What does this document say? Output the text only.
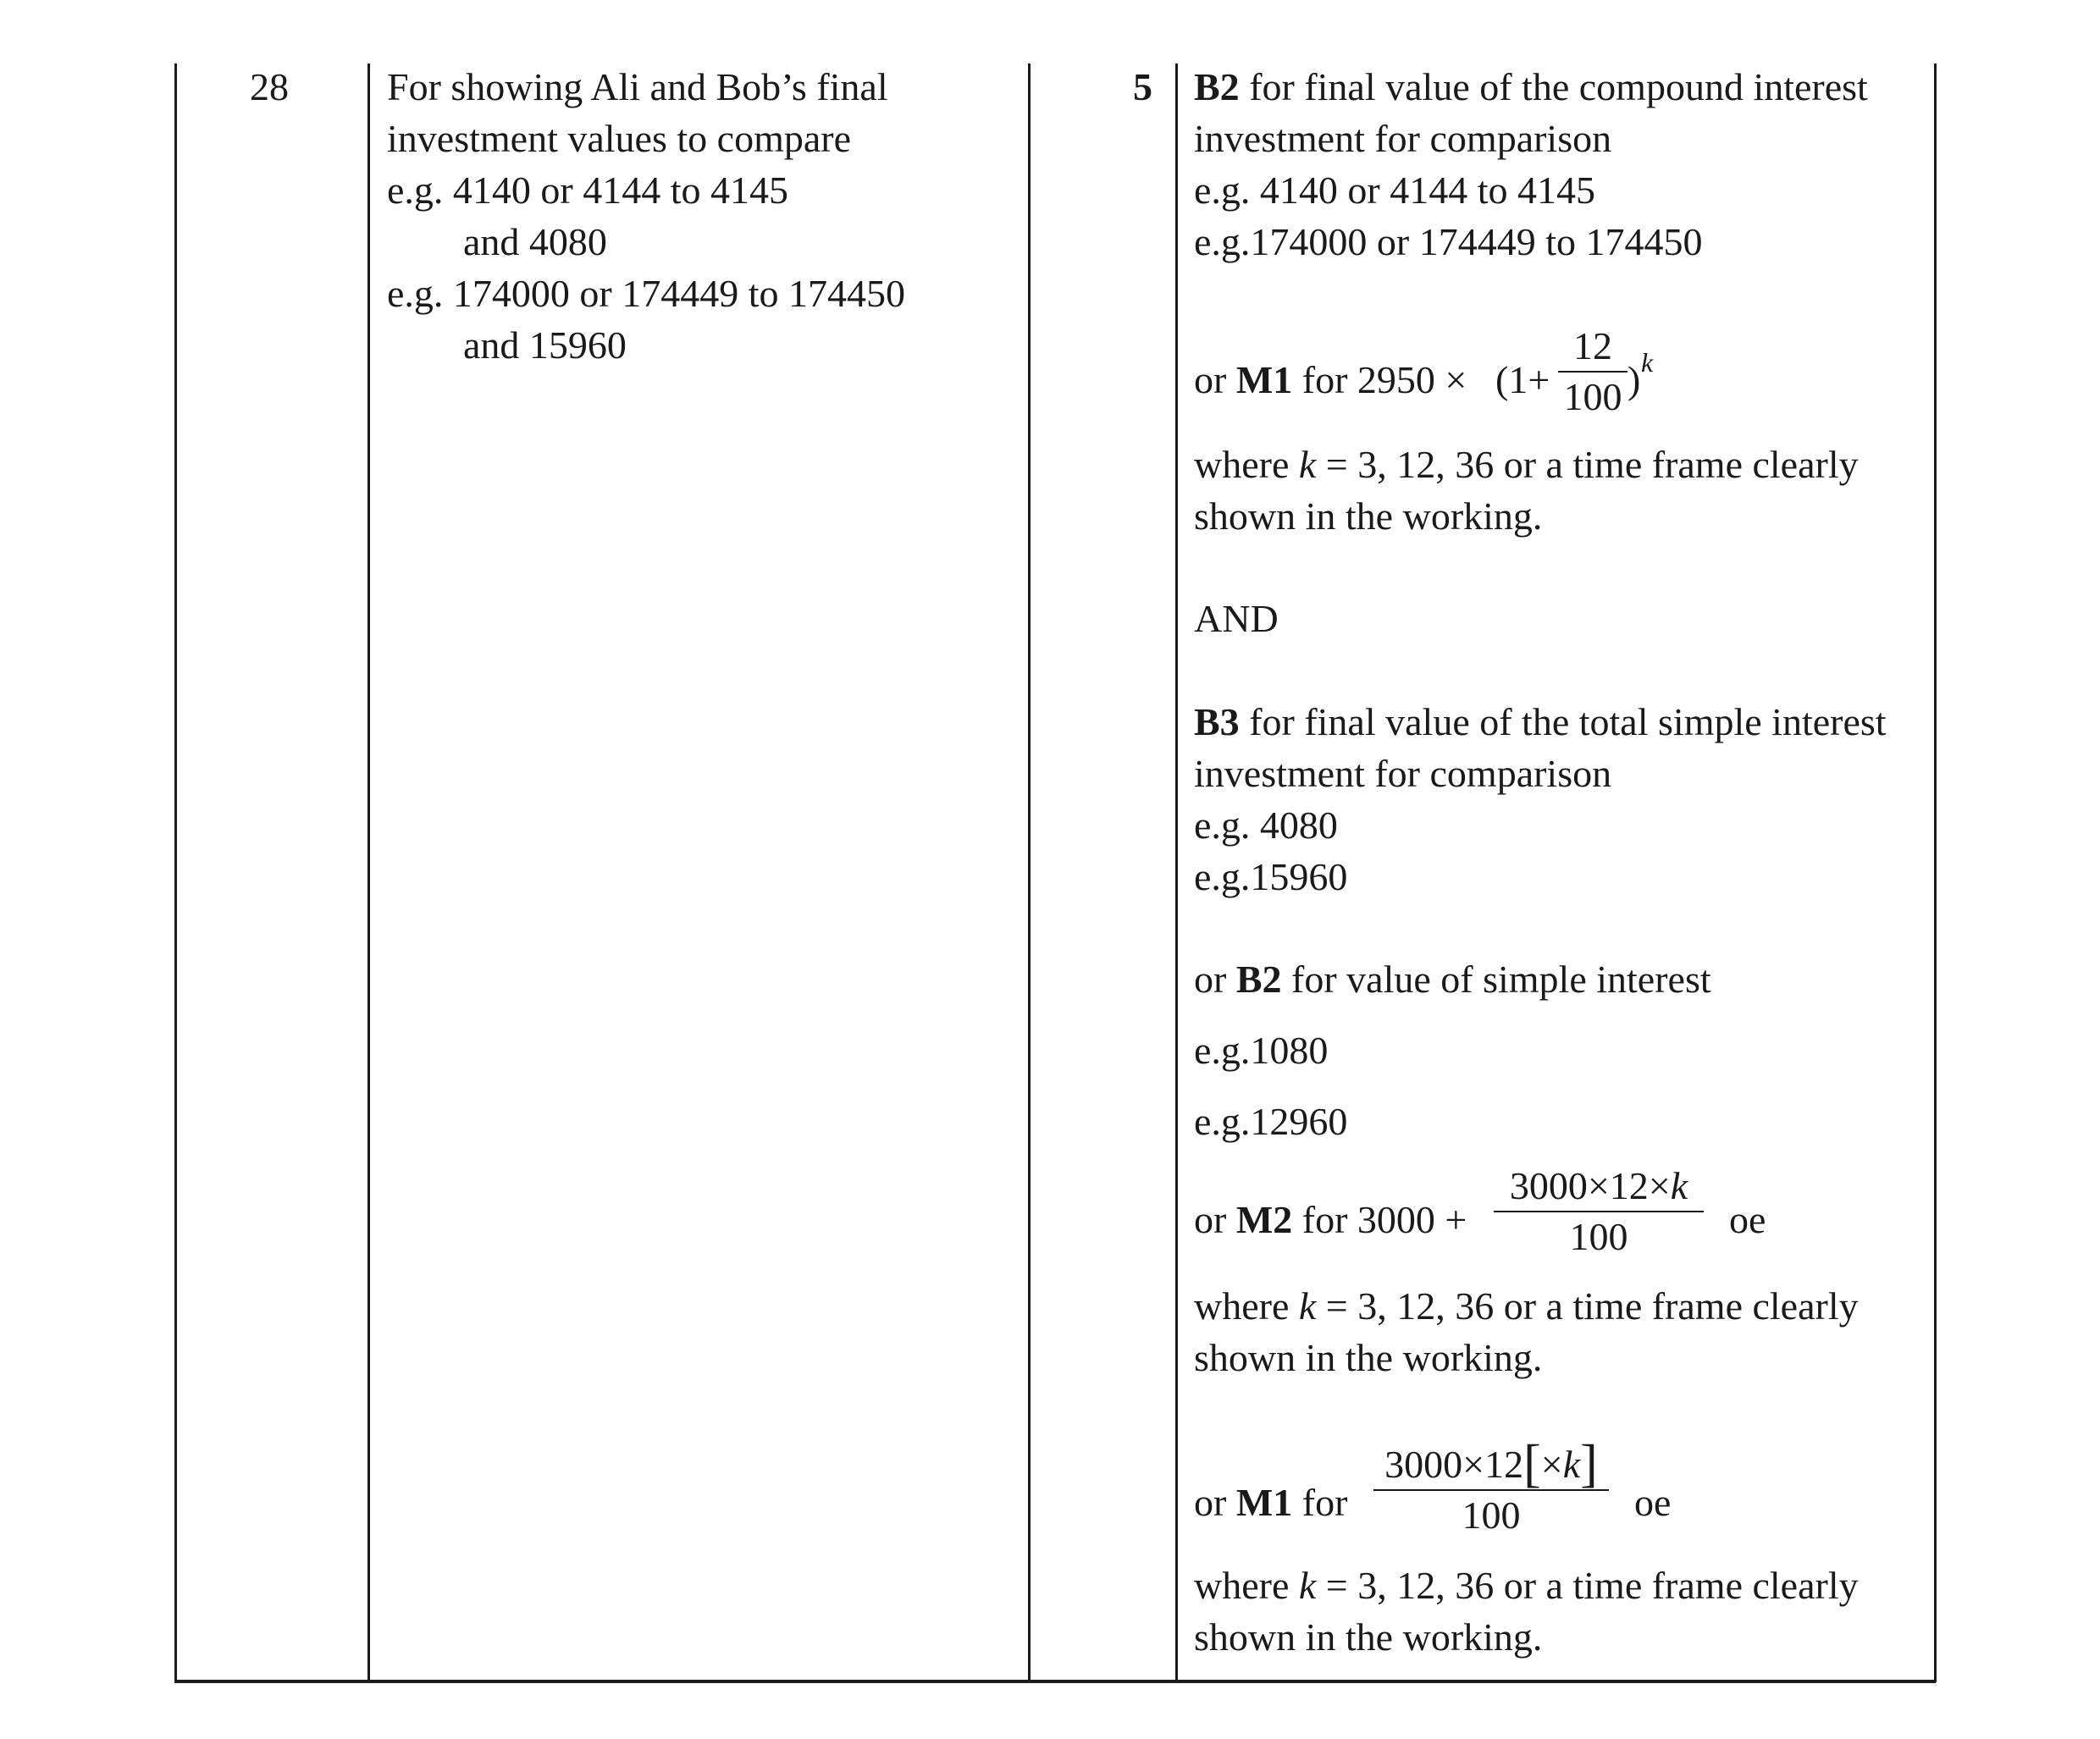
28	For showing Ali and Bob’s final
investment values to compare
e.g. 4140 or 4144 to 4145
and 4080
e.g. 174000 or 174449 to 174450
and 15960
5 B2 for final value of the compound interest
investment for comparison
e.g. 4140 or 4144 to 4145
e.g.174000 or 174449 to 174450
or M1 for 2950 × (1+
12
100 ) k
where k = 3, 12, 36 or a time frame clearly
shown in the working.
AND
B3 for final value of the total simple interest
investment for comparison
e.g. 4080
e.g.15960
or B2 for value of simple interest
e.g.1080
e.g.12960
or M2 for 3000 +
3000×12×k
100	oe
where k = 3, 12, 36 or a time frame clearly
shown in the working.
or M1 for
3000×12[×k]
100	oe
where k = 3, 12, 36 or a time frame clearly
shown in the working.
